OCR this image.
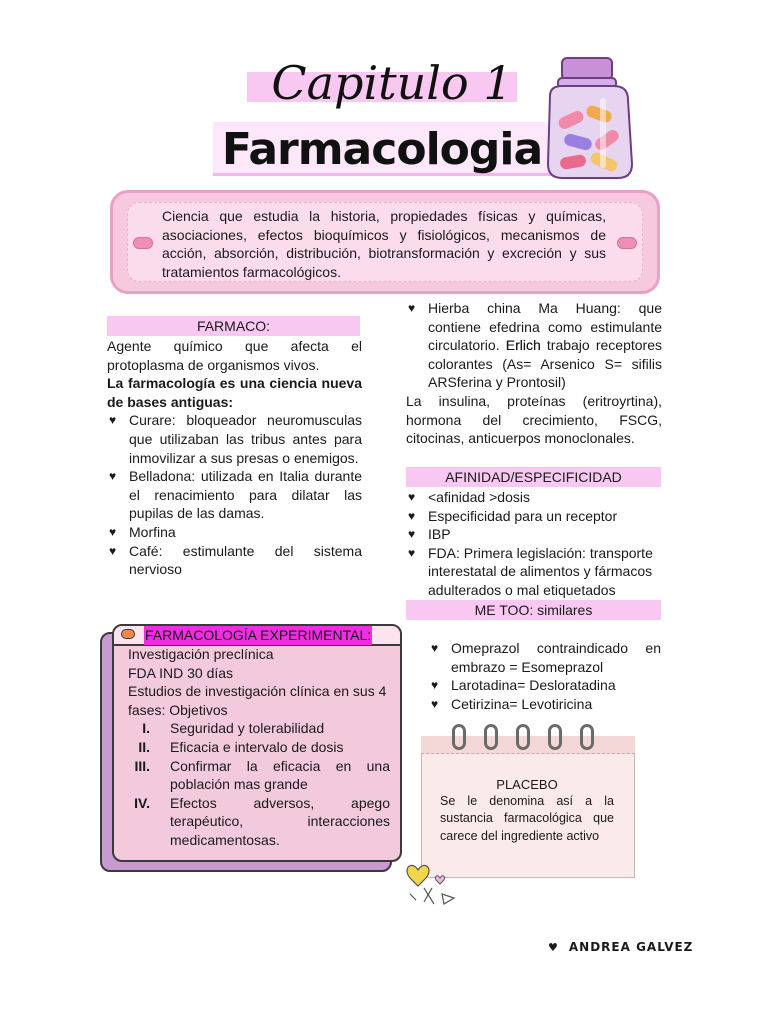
Capitulo 1
Farmacologia
Ciencia que estudia la historia, propiedades físicas y químicas, asociaciones, efectos bioquímicos y fisiológicos, mecanismos de acción, absorción, distribución, biotransformación y excreción y sus tratamientos farmacológicos.
FARMACO:
Agente químico que afecta el protoplasma de organismos vivos.
La farmacología es una ciencia nueva de bases antiguas:
♥ Curare: bloqueador neuromusculas que utilizaban las tribus antes para inmovilizar a sus presas o enemigos.
♥ Belladona: utilizada en Italia durante el renacimiento para dilatar las pupilas de las damas.
♥ Morfina
♥ Café: estimulante del sistema nervioso
♥ Hierba china Ma Huang: que contiene efedrina como estimulante circulatorio. Erlich trabajo receptores colorantes (As= Arsenico S= sifilis ARSferina y Prontosil)
La insulina, proteínas (eritroyrtina), hormona del crecimiento, FSCG, citocinas, anticuerpos monoclonales.
AFINIDAD/ESPECIFICIDAD
♥ <afinidad >dosis
♥ Especificidad para un receptor
♥ IBP
♥ FDA: Primera legislación: transporte interestatal de alimentos y fármacos adulterados o mal etiquetados
ME TOO: similares
♥ Omeprazol contraindicado en embrazo = Esomeprazol
♥ Larotadina= Desloratadina
♥ Cetirizina= Levotiricina
FARMACOLOGÍA EXPERIMENTAL:
Investigación preclínica
FDA IND 30 días
Estudios de investigación clínica en sus 4 fases: Objetivos
I. Seguridad y tolerabilidad
II. Eficacia e intervalo de dosis
III. Confirmar la eficacia en una población mas grande
IV. Efectos adversos, apego terapéutico, interacciones medicamentosas.
PLACEBO
Se le denomina así a la sustancia farmacológica que carece del ingrediente activo
♥ ANDREA GALVEZ
